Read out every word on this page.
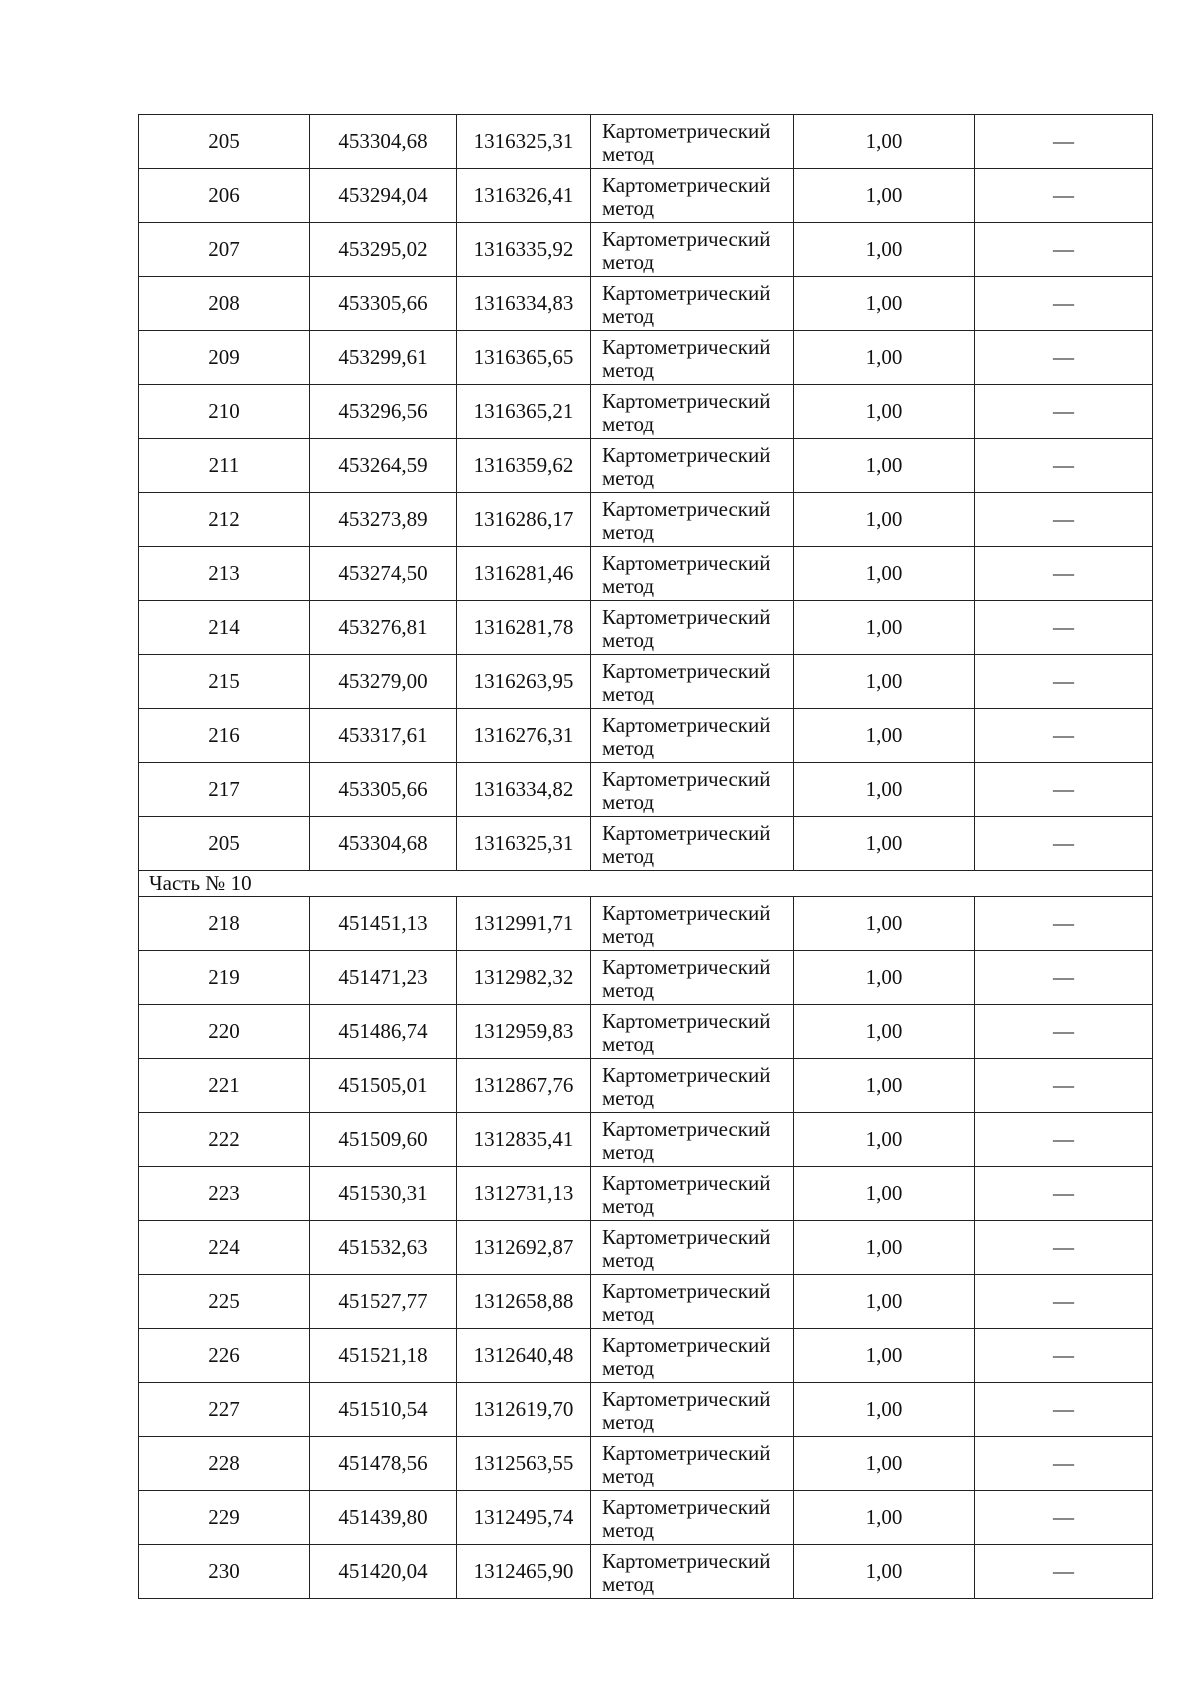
205	453304,68	1316325,31	Картометрический метод	1,00	—
206	453294,04	1316326,41	Картометрический метод	1,00	—
207	453295,02	1316335,92	Картометрический метод	1,00	—
208	453305,66	1316334,83	Картометрический метод	1,00	—
209	453299,61	1316365,65	Картометрический метод	1,00	—
210	453296,56	1316365,21	Картометрический метод	1,00	—
211	453264,59	1316359,62	Картометрический метод	1,00	—
212	453273,89	1316286,17	Картометрический метод	1,00	—
213	453274,50	1316281,46	Картометрический метод	1,00	—
214	453276,81	1316281,78	Картометрический метод	1,00	—
215	453279,00	1316263,95	Картометрический метод	1,00	—
216	453317,61	1316276,31	Картометрический метод	1,00	—
217	453305,66	1316334,82	Картометрический метод	1,00	—
205	453304,68	1316325,31	Картометрический метод	1,00	—
Часть № 10					
218	451451,13	1312991,71	Картометрический метод	1,00	—
219	451471,23	1312982,32	Картометрический метод	1,00	—
220	451486,74	1312959,83	Картометрический метод	1,00	—
221	451505,01	1312867,76	Картометрический метод	1,00	—
222	451509,60	1312835,41	Картометрический метод	1,00	—
223	451530,31	1312731,13	Картометрический метод	1,00	—
224	451532,63	1312692,87	Картометрический метод	1,00	—
225	451527,77	1312658,88	Картометрический метод	1,00	—
226	451521,18	1312640,48	Картометрический метод	1,00	—
227	451510,54	1312619,70	Картометрический метод	1,00	—
228	451478,56	1312563,55	Картометрический метод	1,00	—
229	451439,80	1312495,74	Картометрический метод	1,00	—
230	451420,04	1312465,90	Картометрический метод	1,00	—
